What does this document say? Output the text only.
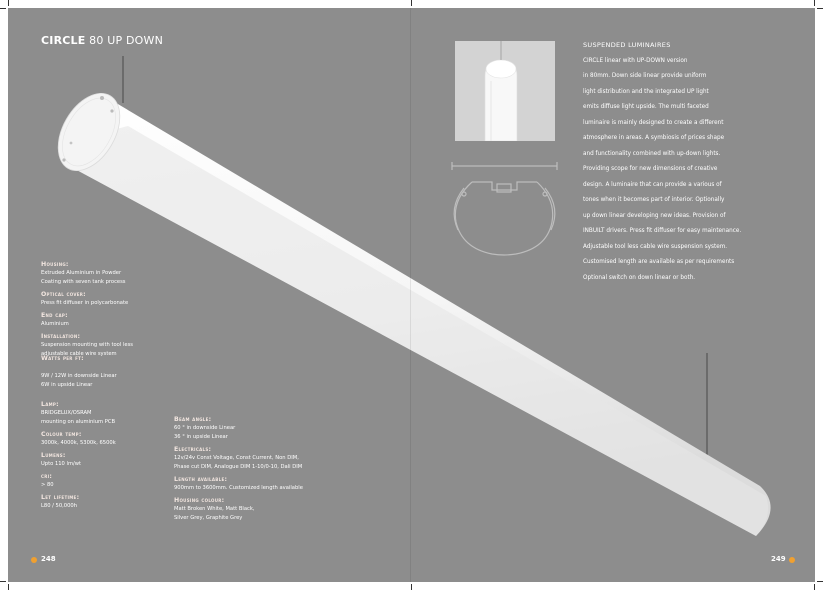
CIRCLE 80 UP DOWN
Housing:
Extruded Aluminium in Powder
Coating with seven tank process
Optical cover:
Press fit diffuser in polycarbonate
End cap:
Aluminium
Installation:
Suspension mounting with tool less
adjustable cable wire system
Watts per ft:
9W / 12W in downside Linear
6W in upside Linear
Lamp:
BRIDGELUX/OSRAM
mounting on aluminium PCB
Colour temp:
3000k, 4000k, 5300k, 6500k
Lumens:
Upto 110 lm/wt
cri:
> 80
Let lifetime:
L80 / 50,000h
Beam angle:
60 ° in downside Linear
36 ° in upside Linear
Electricals:
12v/24v Const Voltage, Const Current, Non DIM,
Phase cut DIM, Analogue DIM 1-10/0-10, Dali DIM
Length available:
900mm to 3600mm. Customized length available
Housing colour:
Matt Broken White, Matt Black,
Silver Grey, Graphite Grey
248
SUSPENDED LUMINAIRES
CIRCLE linear with UP-DOWN version
in 80mm. Down side linear provide uniform
light distribution and the integrated UP light
emits diffuse light upside. The multi faceted
luminaire is mainly designed to create a different
atmosphere in areas. A symbiosis of prices shape
and functionality combined with up-down lights.
Providing scope for new dimensions of creative
design. A luminaire that can provide a various of
tones when it becomes part of interior. Optionally
up down linear developing new ideas. Provision of
INBUILT drivers. Press fit diffuser for easy maintenance.
Adjustable tool less cable wire suspension system.
Customised length are available as per requirements
Optional switch on down linear or both.
249
